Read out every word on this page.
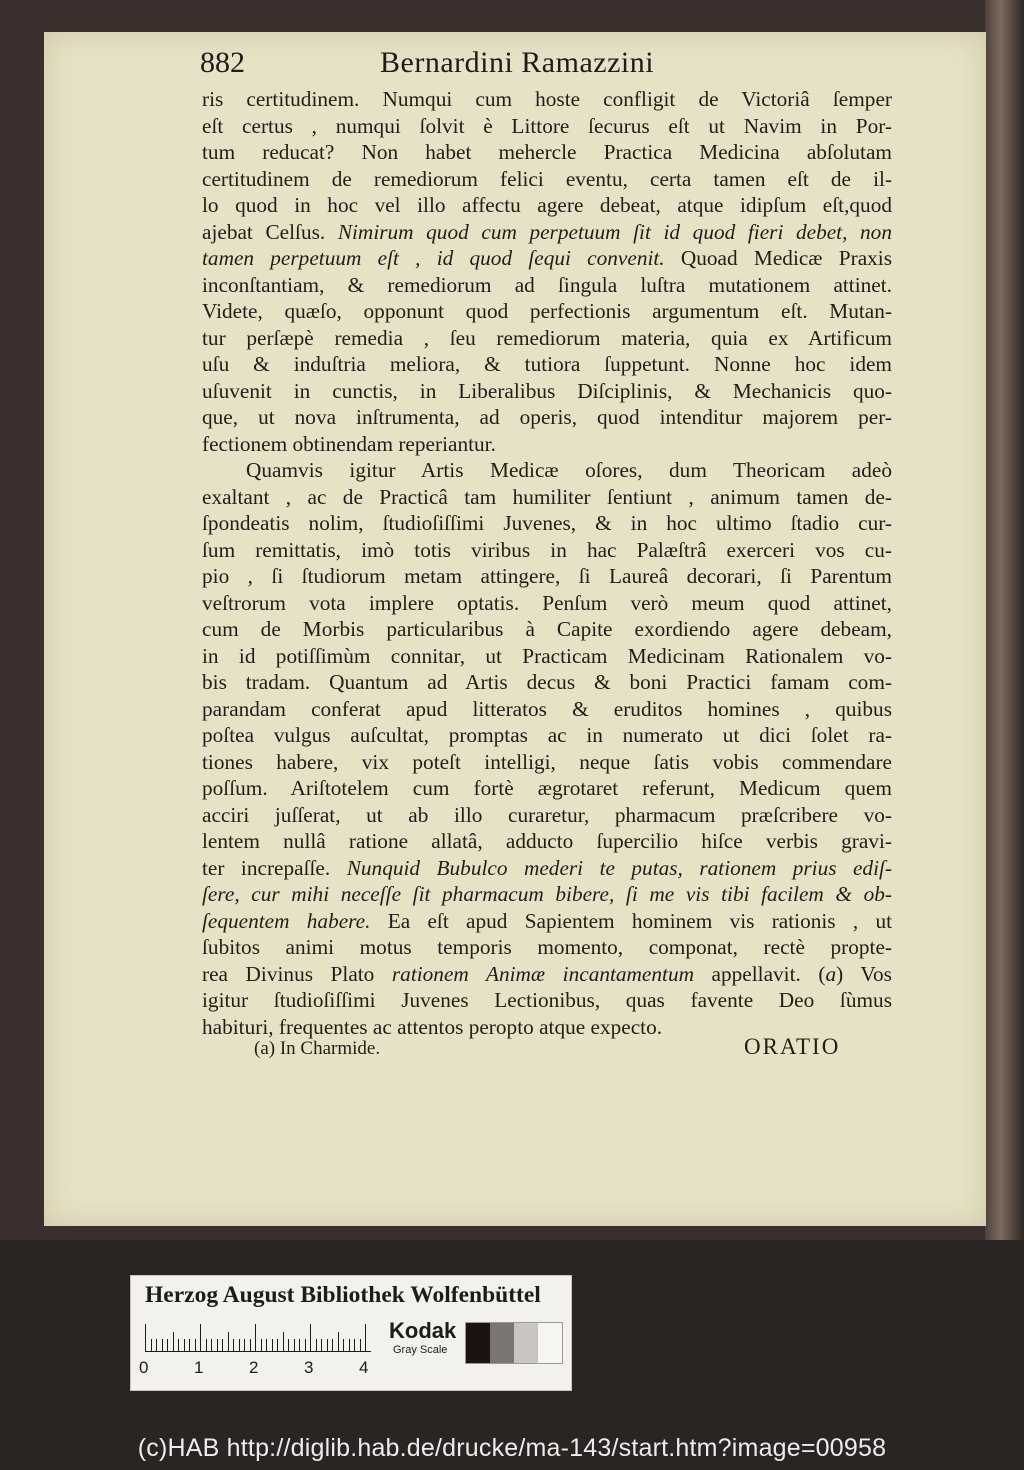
882	Bernardini Ramazzini
ris certitudinem. Numqui cum hoste confligit de Victoriâ ſemper
eſt certus , numqui ſolvit è Littore ſecurus eſt ut Navim in Por-
tum reducat? Non habet mehercle Practica Medicina abſolutam
certitudinem de remediorum felici eventu, certa tamen eſt de il-
lo quod in hoc vel illo affectu agere debeat, atque idipſum eſt,quod
ajebat Celſus. Nimirum quod cum perpetuum ſit id quod fieri debet, non
tamen perpetuum eſt , id quod ſequi convenit. Quoad Medicæ Praxis
inconſtantiam, & remediorum ad ſingula luſtra mutationem attinet.
Videte, quæſo, opponunt quod perfectionis argumentum eſt. Mutan-
tur perſæpè remedia , ſeu remediorum materia, quia ex Artificum
uſu & induſtria meliora, & tutiora ſuppetunt. Nonne hoc idem
uſuvenit in cunctis, in Liberalibus Diſciplinis, & Mechanicis quo-
que, ut nova inſtrumenta, ad operis, quod intenditur majorem per-
fectionem obtinendam reperiantur.
Quamvis igitur Artis Medicæ oſores, dum Theoricam adeò
exaltant , ac de Practicâ tam humiliter ſentiunt , animum tamen de-
ſpondeatis nolim, ſtudioſiſſimi Juvenes, & in hoc ultimo ſtadio cur-
ſum remittatis, imò totis viribus in hac Palæſtrâ exerceri vos cu-
pio , ſi ſtudiorum metam attingere, ſi Laureâ decorari, ſi Parentum
veſtrorum vota implere optatis. Penſum verò meum quod attinet,
cum de Morbis particularibus à Capite exordiendo agere debeam,
in id potiſſimùm connitar, ut Practicam Medicinam Rationalem vo-
bis tradam. Quantum ad Artis decus & boni Practici famam com-
parandam conferat apud litteratos & eruditos homines , quibus
poſtea vulgus auſcultat, promptas ac in numerato ut dici ſolet ra-
tiones habere, vix poteſt intelligi, neque ſatis vobis commendare
poſſum. Ariſtotelem cum fortè ægrotaret referunt, Medicum quem
acciri juſſerat, ut ab illo curaretur, pharmacum præſcribere vo-
lentem nullâ ratione allatâ, adducto ſupercilio hiſce verbis gravi-
ter increpaſſe. Nunquid Bubulco mederi te putas, rationem prius ediſ-
ſere, cur mihi neceſſe ſit pharmacum bibere, ſi me vis tibi facilem & ob-
ſequentem habere. Ea eſt apud Sapientem hominem vis rationis , ut
ſubitos animi motus temporis momento, componat, rectè propte-
rea Divinus Plato rationem Animæ incantamentum appellavit. (a) Vos
igitur ſtudioſiſſimi Juvenes Lectionibus, quas favente Deo ſùmus
habituri, frequentes ac attentos peropto atque expecto.
(a) In Charmide.	ORATIO
Herzog August Bibliothek Wolfenbüttel
0	1	2	3	4
Kodak
Gray Scale
(c)HAB http://diglib.hab.de/drucke/ma-143/start.htm?image=00958
